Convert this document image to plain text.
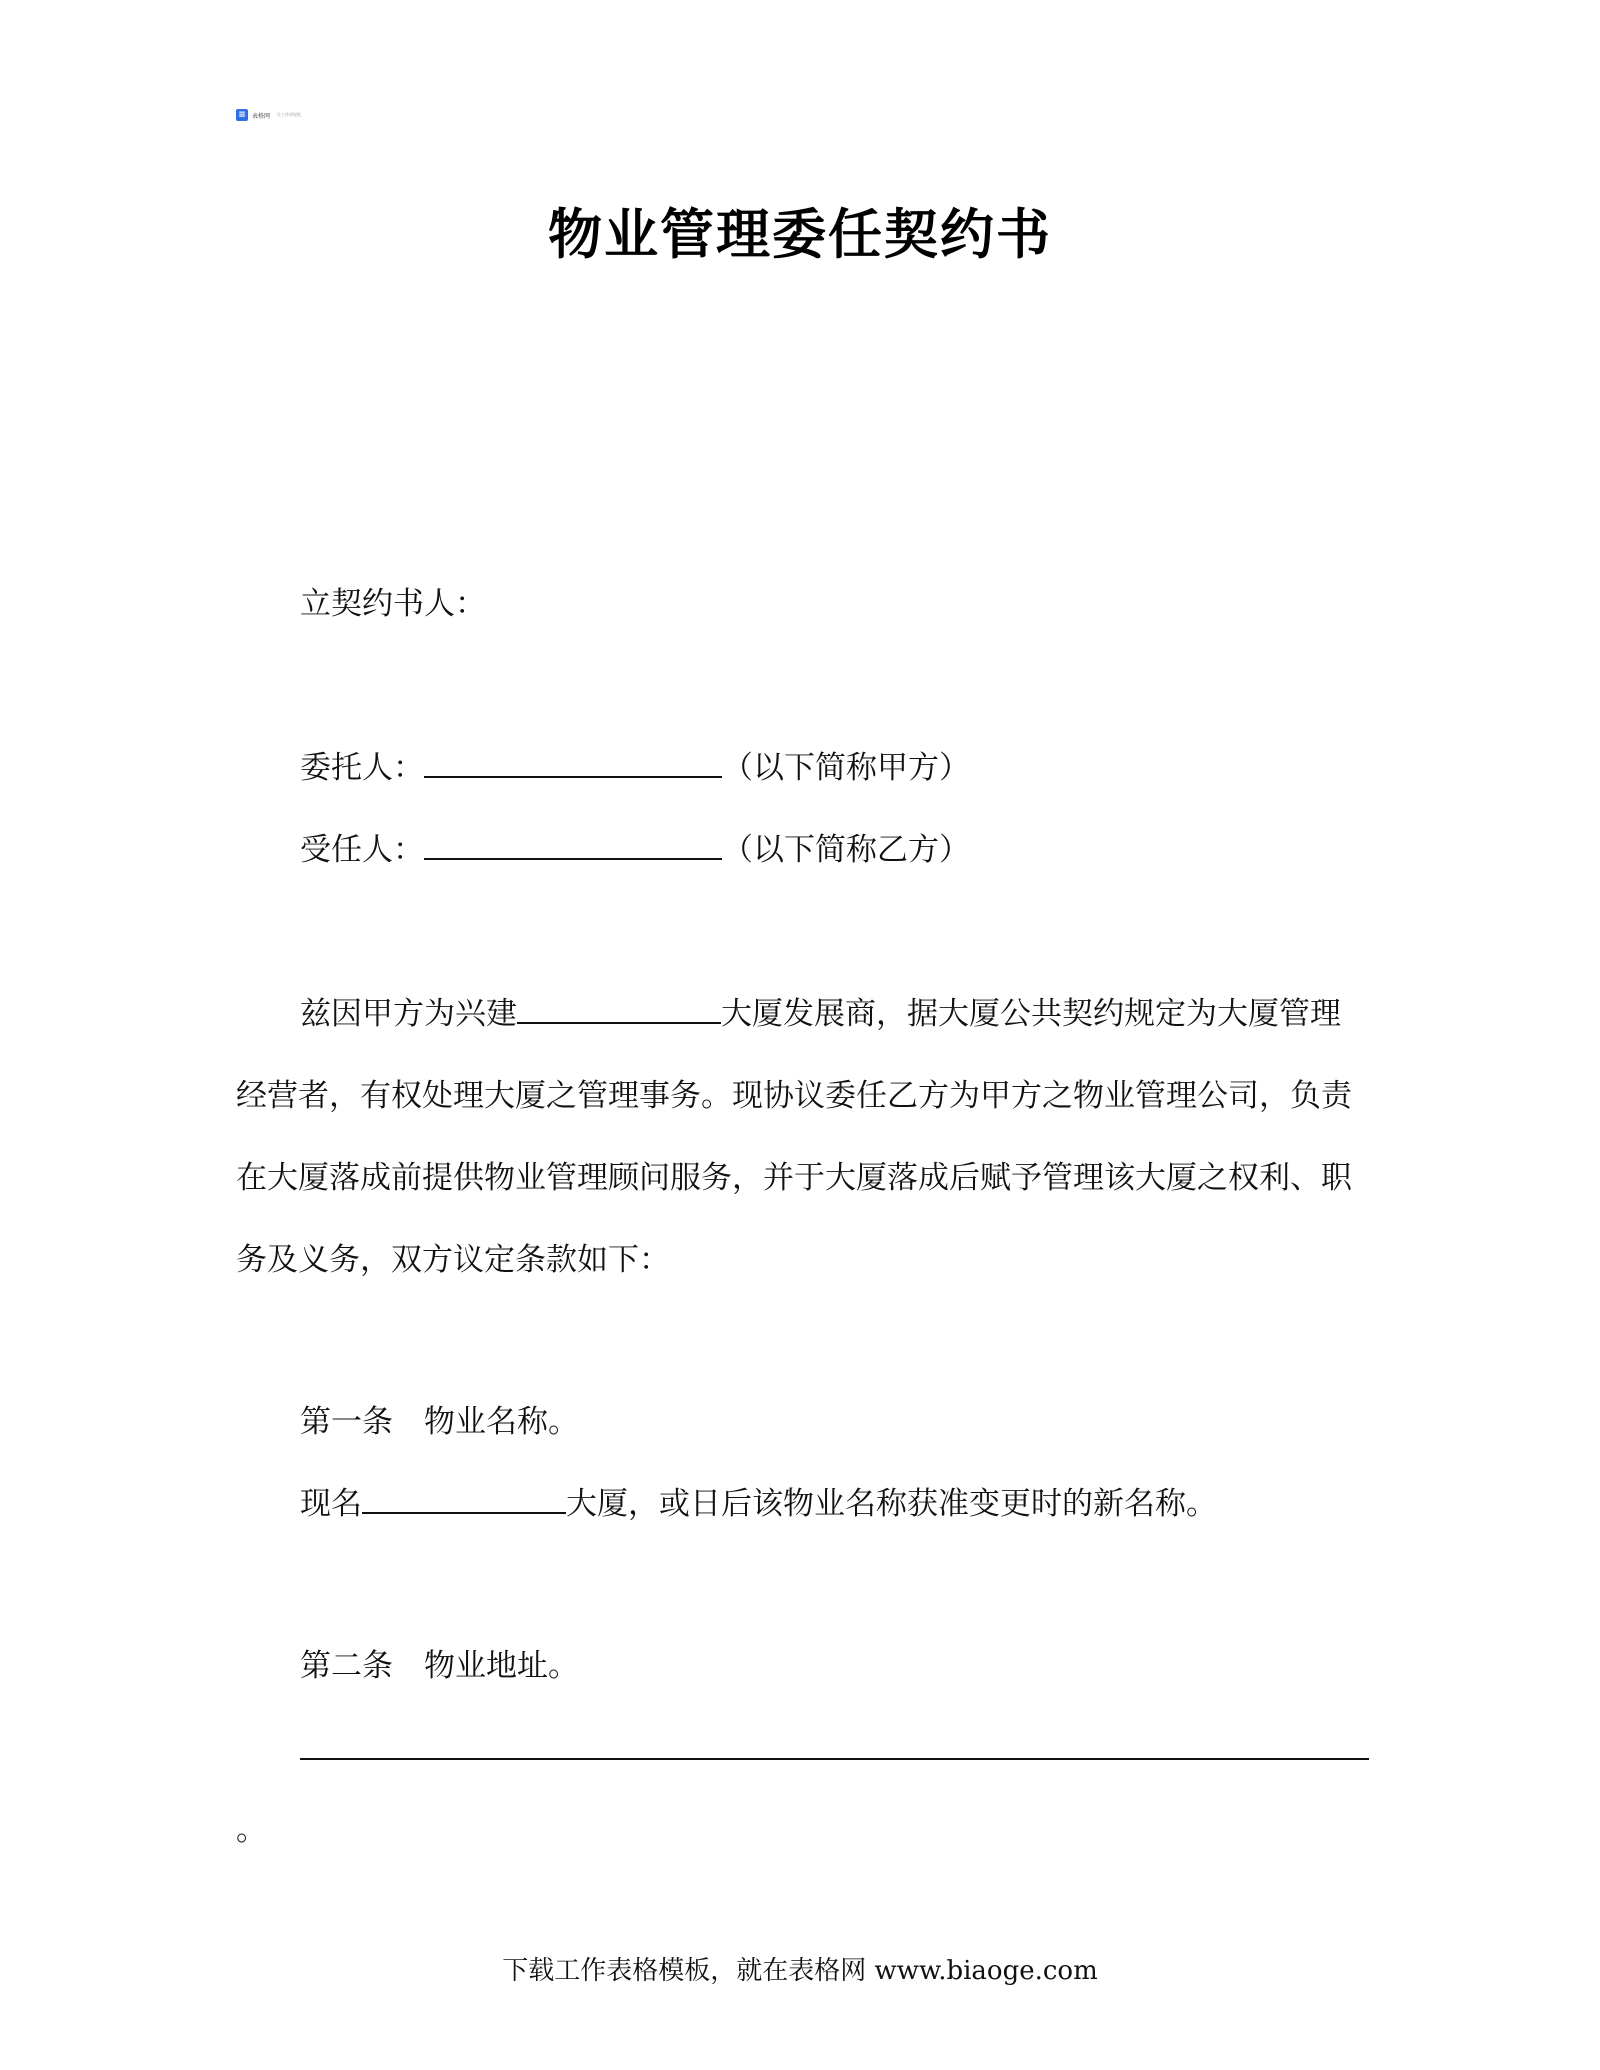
≡	表格网 让工作更轻松
物业管理委任契约书
立契约书人：
委托人：	（以下简称甲方）
受任人：	（以下简称乙方）
兹因甲方为兴建	大厦发展商，据大厦公共契约规定为大厦管理
经营者，有权处理大厦之管理事务。现协议委任乙方为甲方之物业管理公司，负责
在大厦落成前提供物业管理顾问服务，并于大厦落成后赋予管理该大厦之权利、职
务及义务，双方议定条款如下：
第一条　物业名称。
现名	大厦，或日后该物业名称获准变更时的新名称。
第二条　物业地址。
。
下载工作表格模板，就在表格网 www.biaoge.com
